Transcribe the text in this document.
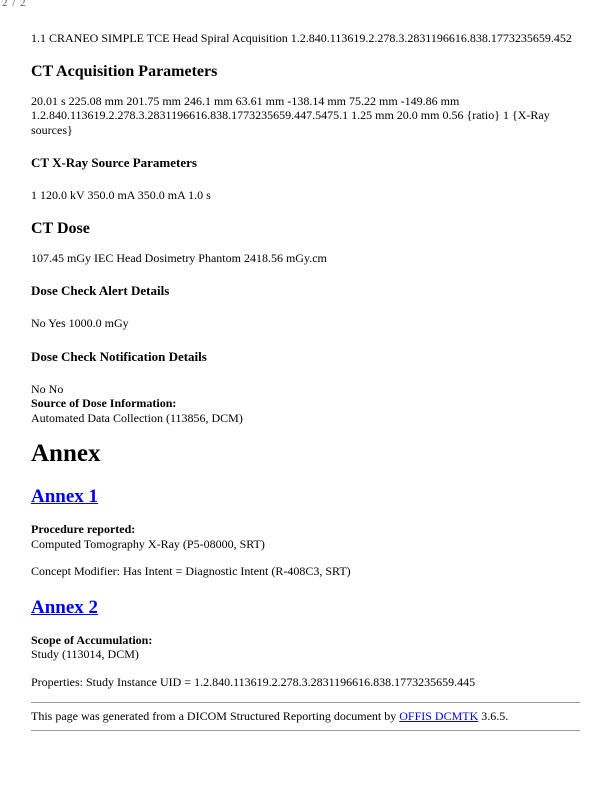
2 / 2

1.1 CRANEO SIMPLE TCE Head Spiral Acquisition 1.2.840.113619.2.278.3.2831196616.838.1773235659.452

CT Acquisition Parameters

20.01 s 225.08 mm 201.75 mm 246.1 mm 63.61 mm -138.14 mm 75.22 mm -149.86 mm 1.2.840.113619.2.278.3.2831196616.838.1773235659.447.5475.1 1.25 mm 20.0 mm 0.56 {ratio} 1 {X-Ray sources}

CT X-Ray Source Parameters

1 120.0 kV 350.0 mA 350.0 mA 1.0 s

CT Dose

107.45 mGy IEC Head Dosimetry Phantom 2418.56 mGy.cm

Dose Check Alert Details

No Yes 1000.0 mGy

Dose Check Notification Details

No No
Source of Dose Information:
Automated Data Collection (113856, DCM)

Annex
Annex 1

Procedure reported:
Computed Tomography X-Ray (P5-08000, SRT)

Concept Modifier: Has Intent = Diagnostic Intent (R-408C3, SRT)

Annex 2

Scope of Accumulation:
Study (113014, DCM)

Properties: Study Instance UID = 1.2.840.113619.2.278.3.2831196616.838.1773235659.445

This page was generated from a DICOM Structured Reporting document by OFFIS DCMTK 3.6.5.
